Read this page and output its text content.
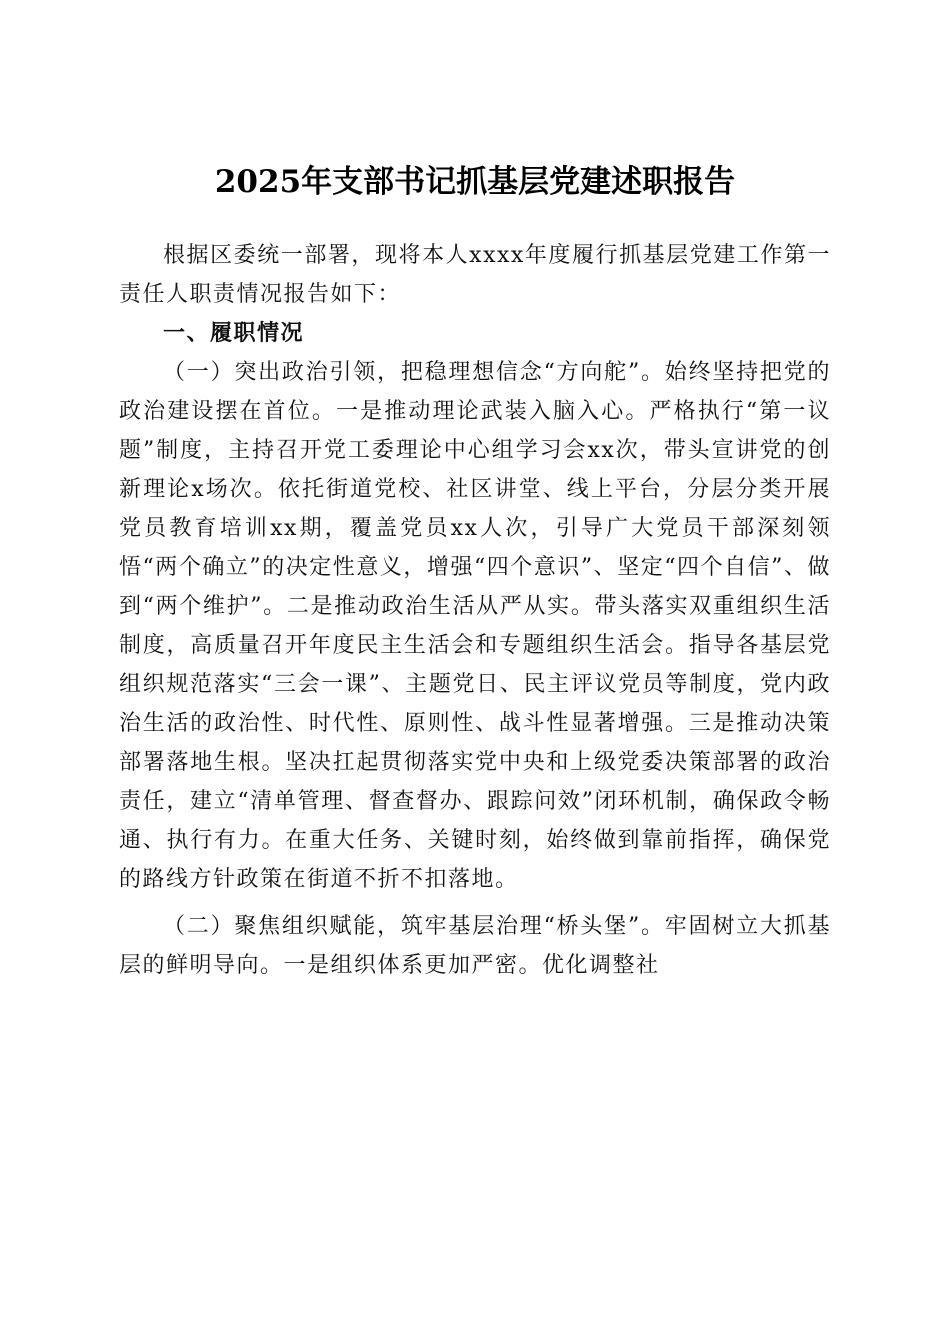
2025年支部书记抓基层党建述职报告

根据区委统一部署，现将本人xxxx年度履行抓基层党建工作第一责任人职责情况报告如下：

一、履职情况

（一）突出政治引领，把稳理想信念“方向舵”。始终坚持把党的政治建设摆在首位。一是推动理论武装入脑入心。严格执行“第一议题”制度，主持召开党工委理论中心组学习会xx次，带头宣讲党的创新理论x场次。依托街道党校、社区讲堂、线上平台，分层分类开展党员教育培训xx期，覆盖党员xx人次，引导广大党员干部深刻领悟“两个确立”的决定性意义，增强“四个意识”、坚定“四个自信”、做到“两个维护”。二是推动政治生活从严从实。带头落实双重组织生活制度，高质量召开年度民主生活会和专题组织生活会。指导各基层党组织规范落实“三会一课”、主题党日、民主评议党员等制度，党内政治生活的政治性、时代性、原则性、战斗性显著增强。三是推动决策部署落地生根。坚决扛起贯彻落实党中央和上级党委决策部署的政治责任，建立“清单管理、督查督办、跟踪问效”闭环机制，确保政令畅通、执行有力。在重大任务、关键时刻，始终做到靠前指挥，确保党的路线方针政策在街道不折不扣落地。

（二）聚焦组织赋能，筑牢基层治理“桥头堡”。牢固树立大抓基层的鲜明导向。一是组织体系更加严密。优化调整社
